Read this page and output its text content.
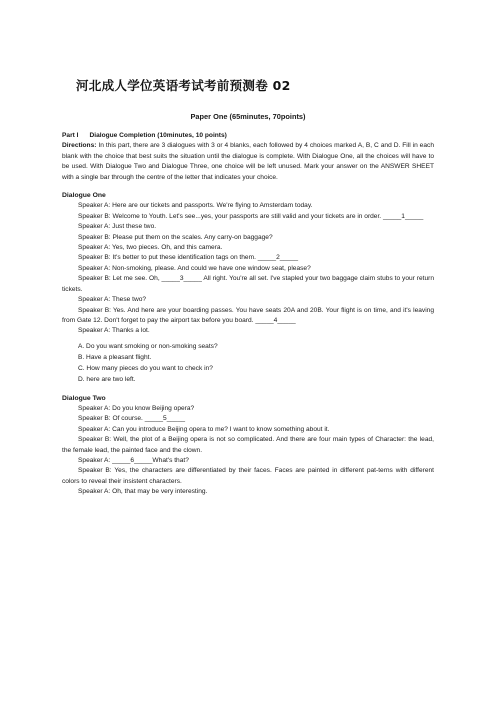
河北成人学位英语考试考前预测卷 02
Paper One (65minutes, 70points)

Part I      Dialogue Completion (10minutes, 10 points)

Directions: In this part, there are 3 dialogues with 3 or 4 blanks, each followed by 4 choices marked A, B, C and D. Fill in each blank with the choice that best suits the situation until the dialogue is complete. With Dialogue One, all the choices will have to be used. With Dialogue Two and Dialogue Three, one choice will be left unused. Mark your answer on the ANSWER SHEET with a single bar through the centre of the letter that indicates your choice.

Dialogue One

Speaker A: Here are our tickets and passports. We're flying to Amsterdam today.

Speaker B: Welcome to Youth. Let's see...yes, your passports are still valid and your tickets are in order. _____1_____

Speaker A: Just these two.

Speaker B: Please put them on the scales. Any carry-on baggage?

Speaker A: Yes, two pieces. Oh, and this camera.

Speaker B: It's better to put these identification tags on them. _____2_____

Speaker A: Non-smoking, please. And could we have one window seat, please?

Speaker B: Let me see. Oh, _____3_____ All right. You're all set. I've stapled your two baggage claim stubs to your return tickets.

Speaker A: These two?

Speaker B: Yes. And here are your boarding passes. You have seats 20A and 20B. Your flight is on time, and it's leaving from Gate 12. Don't forget to pay the airport tax before you board. _____4_____

Speaker A: Thanks a lot.

A. Do you want smoking or non-smoking seats?

B. Have a pleasant flight.

C. How many pieces do you want to check in?

D. here are two left.

Dialogue Two

Speaker A: Do you know Beijing opera?

Speaker B: Of course. _____5_____

Speaker A: Can you introduce Beijing opera to me? I want to know something about it.

Speaker B: Well, the plot of a Beijing opera is not so complicated. And there are four main types of Character: the lead, the female lead, the painted face and the clown.

Speaker A: _____6_____What's that?

Speaker B: Yes, the characters are differentiated by their faces. Faces are painted in different pat-terns with different colors to reveal their insistent characters.

Speaker A: Oh, that may be very interesting.
